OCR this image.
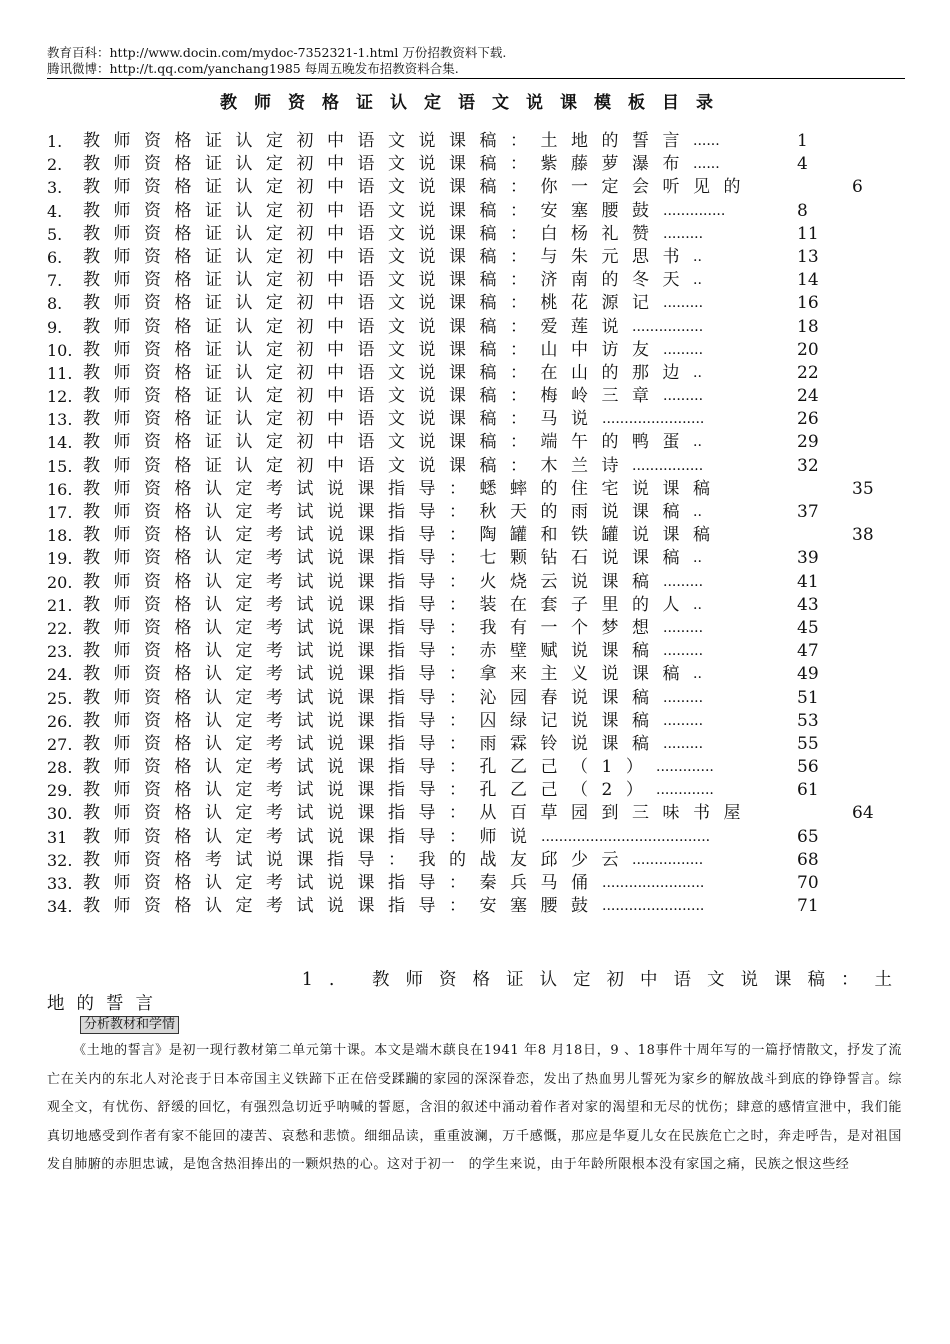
教育百科：http://www.docin.com/mydoc-7352321-1.html 万份招教资料下载.
腾讯微博：http://t.qq.com/yanchang1985 每周五晚发布招教资料合集.
教师资格证认定语文说课模板目录
1. 教师资格证认定初中语文说课稿：土地的誓言 ......	1
2. 教师资格证认定初中语文说课稿：紫藤萝瀑布 ......	4
3. 教师资格证认定初中语文说课稿：你一定会听见的	6
4. 教师资格证认定初中语文说课稿：安塞腰鼓 ..............	8
5. 教师资格证认定初中语文说课稿：白杨礼赞 .........	11
6. 教师资格证认定初中语文说课稿：与朱元思书 ..	13
7. 教师资格证认定初中语文说课稿：济南的冬天 ..	14
8. 教师资格证认定初中语文说课稿：桃花源记 .........	16
9. 教师资格证认定初中语文说课稿：爱莲说 ................	18
10. 教师资格证认定初中语文说课稿：山中访友 .........	20
11. 教师资格证认定初中语文说课稿：在山的那边 ..	22
12. 教师资格证认定初中语文说课稿：梅岭三章 .........	24
13. 教师资格证认定初中语文说课稿：马说 .......................	26
14. 教师资格证认定初中语文说课稿：端午的鸭蛋 ..	29
15. 教师资格证认定初中语文说课稿：木兰诗 ................	32
16. 教师资格认定考试说课指导：蟋蟀的住宅说课稿	35
17. 教师资格认定考试说课指导：秋天的雨说课稿 ..	37
18. 教师资格认定考试说课指导：陶罐和铁罐说课稿	38
19. 教师资格认定考试说课指导：七颗钻石说课稿 ..	39
20. 教师资格认定考试说课指导：火烧云说课稿 .........	41
21. 教师资格认定考试说课指导：装在套子里的人 ..	43
22. 教师资格认定考试说课指导：我有一个梦想 .........	45
23. 教师资格认定考试说课指导：赤壁赋说课稿 .........	47
24. 教师资格认定考试说课指导：拿来主义说课稿 ..	49
25. 教师资格认定考试说课指导：沁园春说课稿 .........	51
26. 教师资格认定考试说课指导：囚绿记说课稿 .........	53
27. 教师资格认定考试说课指导：雨霖铃说课稿 .........	55
28. 教师资格认定考试说课指导：孔乙己（1） .............	56
29. 教师资格认定考试说课指导：孔乙己（2） .............	61
30. 教师资格认定考试说课指导：从百草园到三味书屋	64
31 教师资格认定考试说课指导：师说 ......................................	65
32. 教师资格考试说课指导：我的战友邱少云 ................	68
33. 教师资格认定考试说课指导：秦兵马俑 .......................	70
34. 教师资格认定考试说课指导：安塞腰鼓 .......................	71
1. 教师资格证认定初中语文说课稿：土
地的誓言
分析教材和学情
《土地的誓言》是初一现行教材第二单元第十课。本文是端木蕻良在1941 年8 月18日，9 、18事件十周年写的一篇抒情散文，抒发了流亡在关内的东北人对沦丧于日本帝国主义铁蹄下正在倍受蹂躏的家园的深深眷恋，发出了热血男儿誓死为家乡的解放战斗到底的铮铮誓言。综观全文，有忧伤、舒缓的回忆，有强烈急切近乎呐喊的誓愿，含泪的叙述中涌动着作者对家的渴望和无尽的忧伤；肆意的感情宣泄中，我们能真切地感受到作者有家不能回的凄苦、哀愁和悲愤。细细品读，重重波澜，万千感慨，那应是华夏儿女在民族危亡之时，奔走呼告，是对祖国发自肺腑的赤胆忠诚，是饱含热泪捧出的一颗炽热的心。这对于初一　的学生来说，由于年龄所限根本没有家国之痛，民族之恨这些经
